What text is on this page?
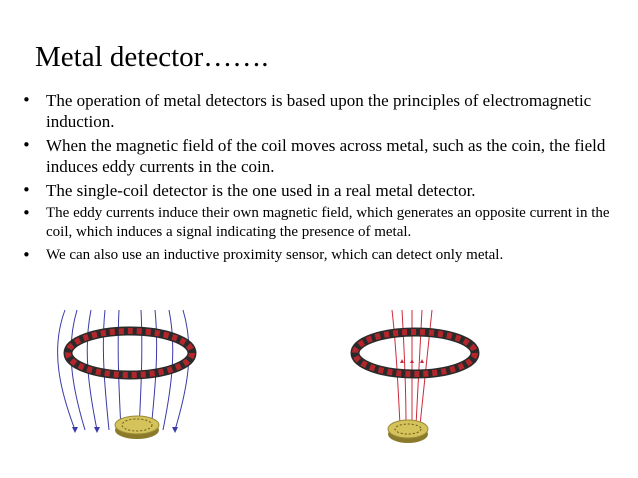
Metal detector…….
• The operation of metal detectors is based upon the principles of electromagnetic induction.
• When the magnetic field of the coil moves across metal, such as the coin, the field induces eddy currents in the coin.
• The single-coil detector is the one used in a real metal detector.
• The eddy currents induce their own magnetic field, which generates an opposite current in the coil, which induces a signal indicating the presence of metal.
• We can also use an inductive proximity sensor, which can detect only metal.
